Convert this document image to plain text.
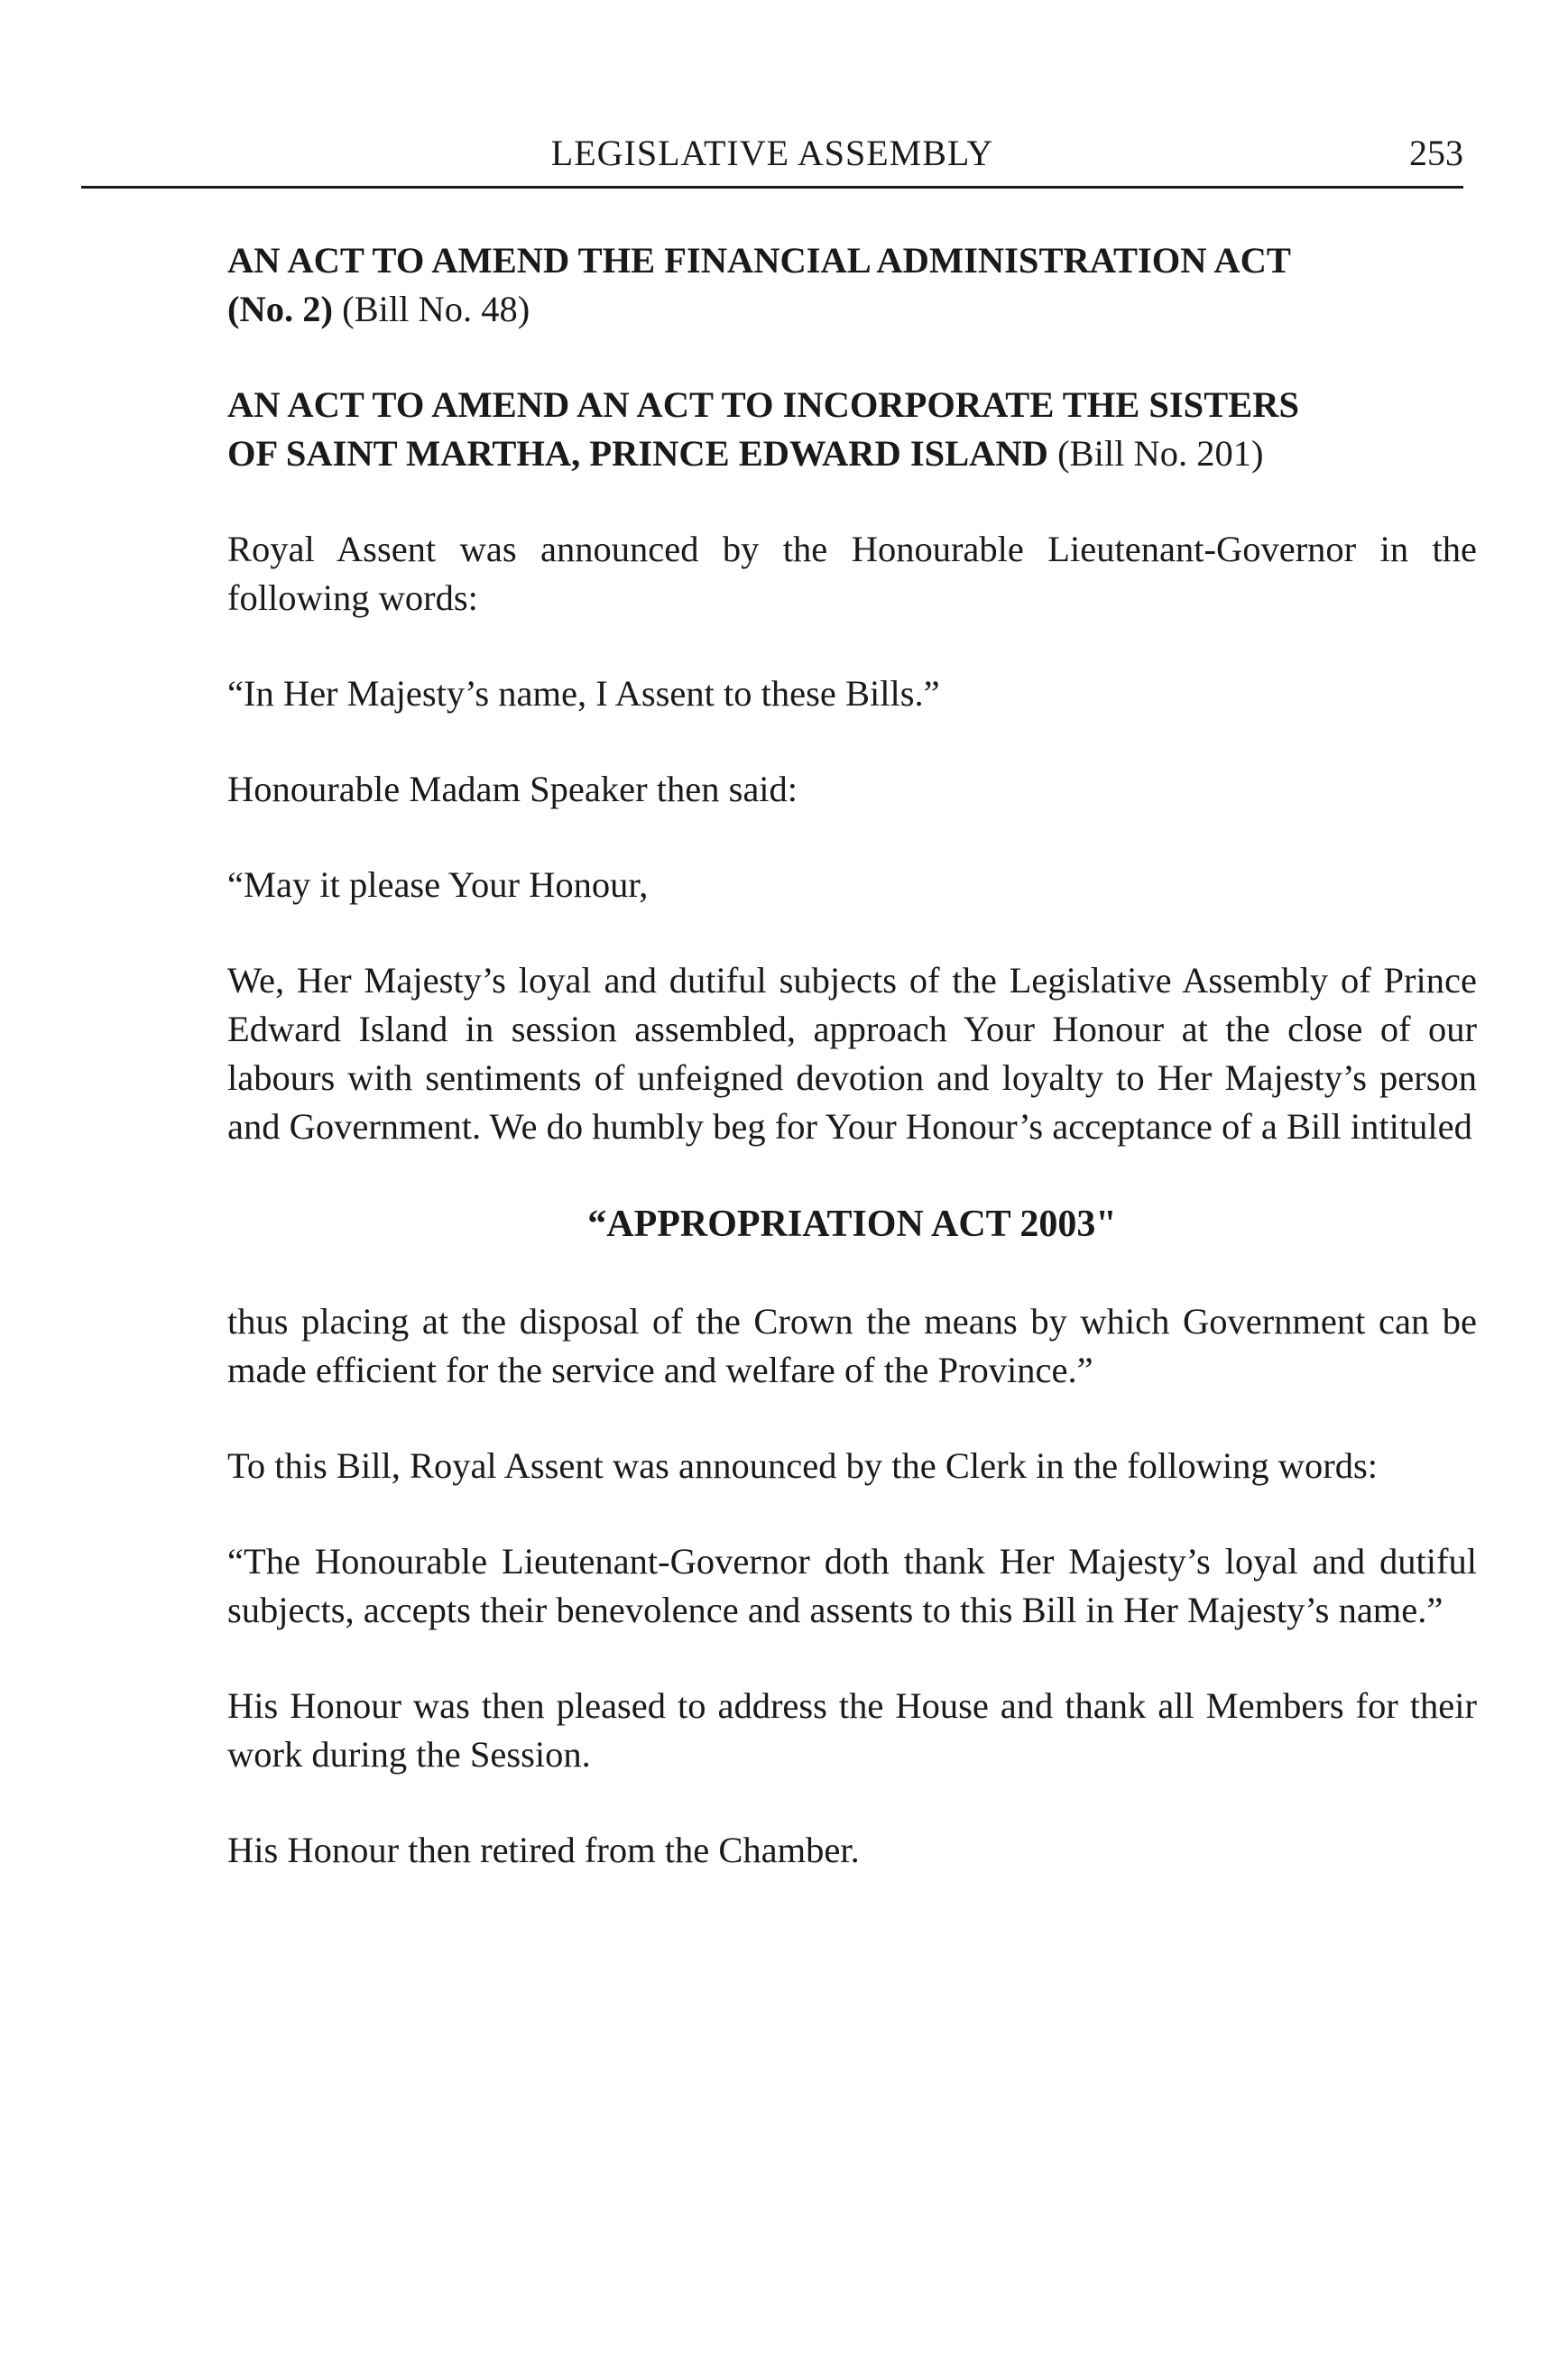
LEGISLATIVE ASSEMBLY	253
AN ACT TO AMEND THE FINANCIAL ADMINISTRATION ACT
(No. 2) (Bill No. 48)
AN ACT TO AMEND AN ACT TO INCORPORATE THE SISTERS
OF SAINT MARTHA, PRINCE EDWARD ISLAND (Bill No. 201)

Royal Assent was announced by the Honourable Lieutenant-Governor in the following words:

“In Her Majesty’s name, I Assent to these Bills.”

Honourable Madam Speaker then said:

“May it please Your Honour,

We, Her Majesty’s loyal and dutiful subjects of the Legislative Assembly of Prince Edward Island in session assembled, approach Your Honour at the close of our labours with sentiments of unfeigned devotion and loyalty to Her Majesty’s person and Government. We do humbly beg for Your Honour’s acceptance of a Bill intituled

“APPROPRIATION ACT 2003"

thus placing at the disposal of the Crown the means by which Government can be made efficient for the service and welfare of the Province.”

To this Bill, Royal Assent was announced by the Clerk in the following words:

“The Honourable Lieutenant-Governor doth thank Her Majesty’s loyal and dutiful subjects, accepts their benevolence and assents to this Bill in Her Majesty’s name.”

His Honour was then pleased to address the House and thank all Members for their work during the Session.

His Honour then retired from the Chamber.
